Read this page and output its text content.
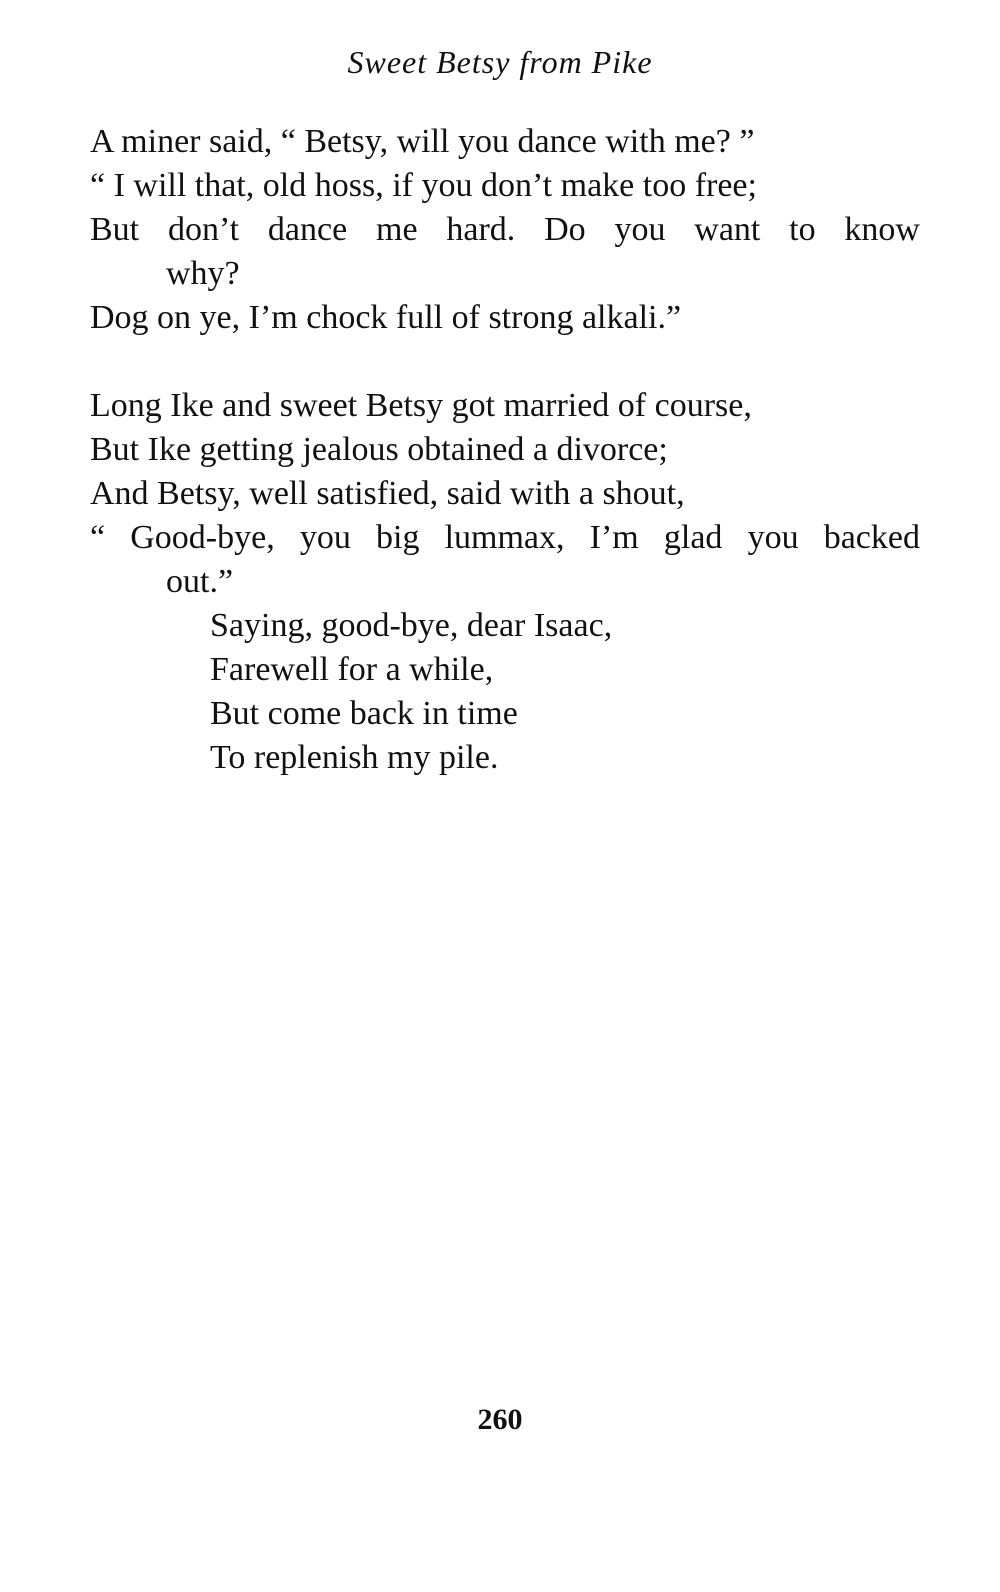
Sweet Betsy from Pike
A miner said, “ Betsy, will you dance with me? ”
“ I will that, old hoss, if you don’t make too free;
But don’t dance me hard. Do you want to know
why?
Dog on ye, I’m chock full of strong alkali.”
Long Ike and sweet Betsy got married of course,
But Ike getting jealous obtained a divorce;
And Betsy, well satisfied, said with a shout,
“ Good-bye, you big lummax, I’m glad you backed
out.”
Saying, good-bye, dear Isaac,
Farewell for a while,
But come back in time
To replenish my pile.
260
